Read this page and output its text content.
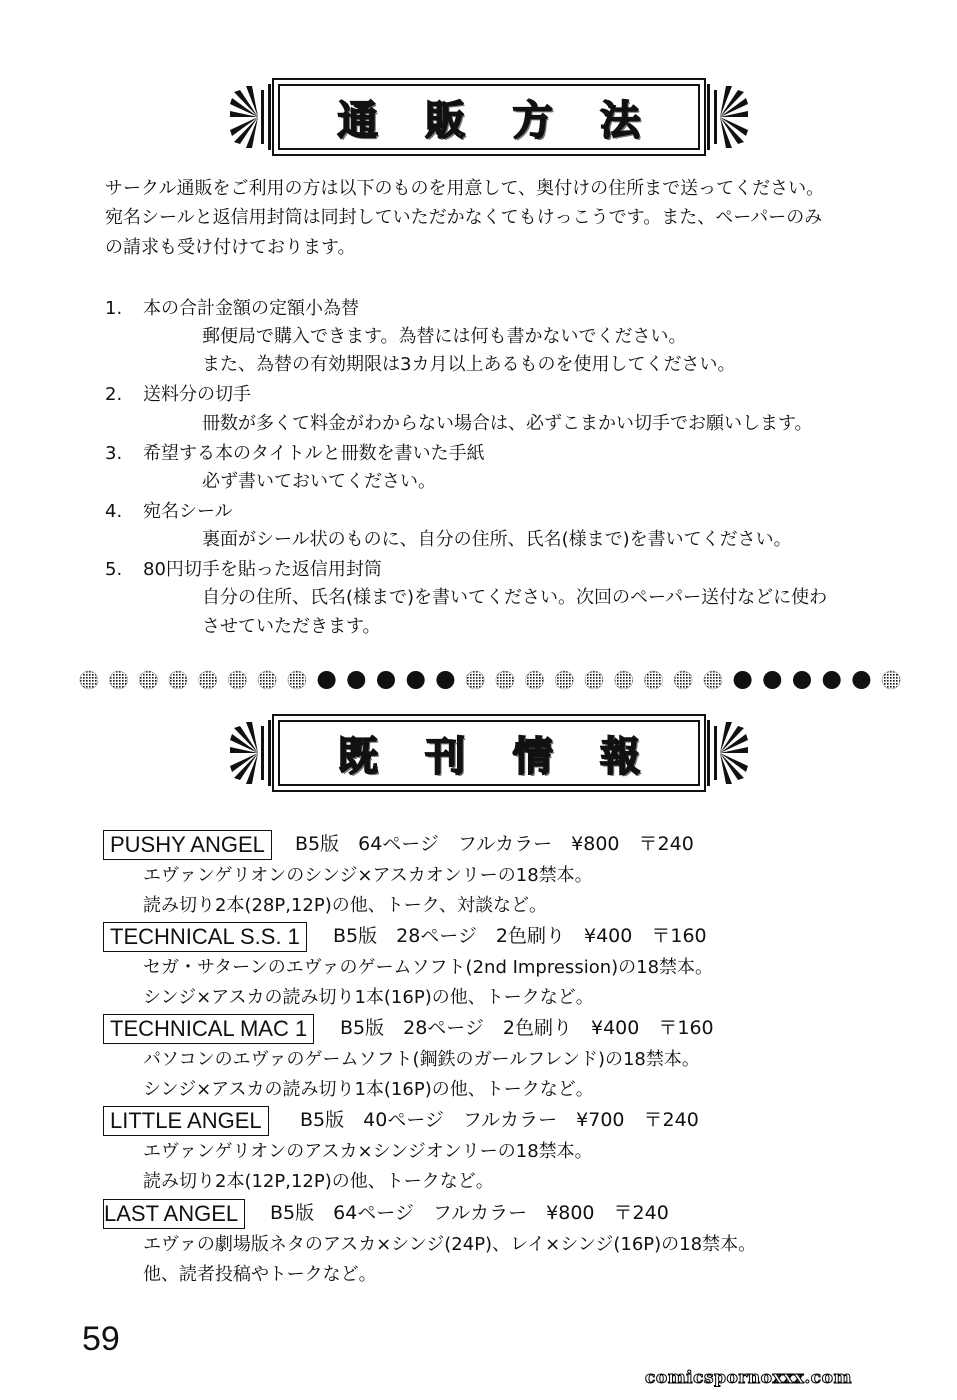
通 販 方 法
サークル通販をご利用の方は以下のものを用意して、奥付けの住所まで送ってください。
宛名シールと返信用封筒は同封していただかなくてもけっこうです。また、ペーパーのみ
の請求も受け付けております。
1. 本の合計金額の定額小為替
郵便局で購入できます。為替には何も書かないでください。
また、為替の有効期限は3カ月以上あるものを使用してください。
2. 送料分の切手
冊数が多くて料金がわからない場合は、必ずこまかい切手でお願いします。
3. 希望する本のタイトルと冊数を書いた手紙
必ず書いておいてください。
4. 宛名シール
裏面がシール状のものに、自分の住所、氏名(様まで)を書いてください。
5. 80円切手を貼った返信用封筒
自分の住所、氏名(様まで)を書いてください。次回のペーパー送付などに使わ
させていただきます。
既 刊 情 報
PUSHY ANGEL	B5版　64ページ　フルカラー　¥800　〒240
エヴァンゲリオンのシンジ×アスカオンリーの18禁本。
読み切り2本(28P,12P)の他、トーク、対談など。
TECHNICAL S.S. 1	B5版　28ページ　2色刷り　¥400　〒160
セガ・サターンのエヴァのゲームソフト(2nd Impression)の18禁本。
シンジ×アスカの読み切り1本(16P)の他、トークなど。
TECHNICAL MAC 1	B5版　28ページ　2色刷り　¥400　〒160
パソコンのエヴァのゲームソフト(鋼鉄のガールフレンド)の18禁本。
シンジ×アスカの読み切り1本(16P)の他、トークなど。
LITTLE ANGEL	B5版　40ページ　フルカラー　¥700　〒240
エヴァンゲリオンのアスカ×シンジオンリーの18禁本。
読み切り2本(12P,12P)の他、トークなど。
LAST ANGEL	B5版　64ページ　フルカラー　¥800　〒240
エヴァの劇場版ネタのアスカ×シンジ(24P)、レイ×シンジ(16P)の18禁本。
他、読者投稿やトークなど。
59
comicspornoxxx.com
